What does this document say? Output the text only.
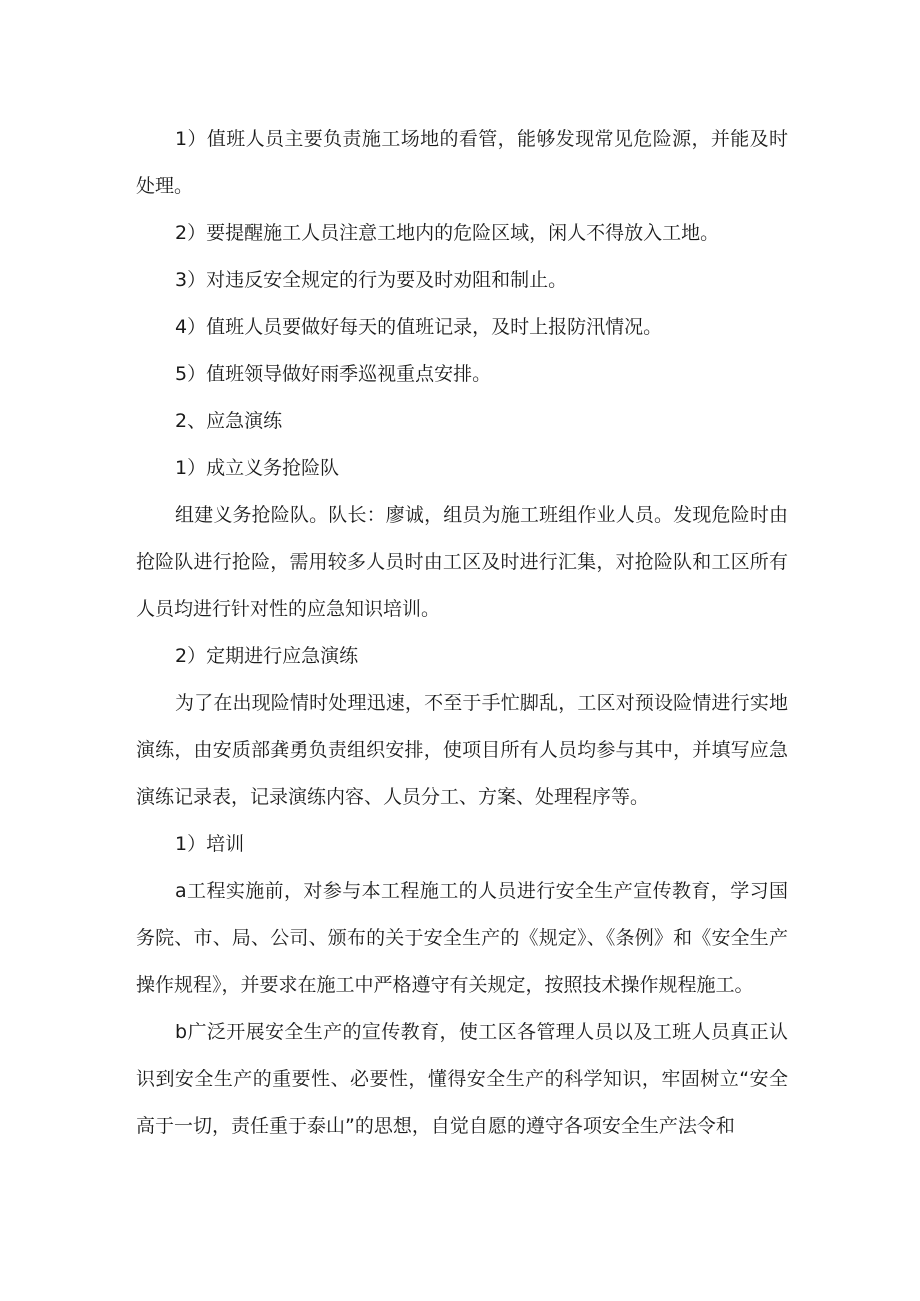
1）值班人员主要负责施工场地的看管，能够发现常见危险源，并能及时处理。

2）要提醒施工人员注意工地内的危险区域，闲人不得放入工地。

3）对违反安全规定的行为要及时劝阻和制止。

4）值班人员要做好每天的值班记录，及时上报防汛情况。

5）值班领导做好雨季巡视重点安排。

2、应急演练

1）成立义务抢险队

组建义务抢险队。队长：廖诚，组员为施工班组作业人员。发现危险时由抢险队进行抢险，需用较多人员时由工区及时进行汇集，对抢险队和工区所有人员均进行针对性的应急知识培训。

2）定期进行应急演练

为了在出现险情时处理迅速，不至于手忙脚乱，工区对预设险情进行实地演练，由安质部龚勇负责组织安排，使项目所有人员均参与其中，并填写应急演练记录表，记录演练内容、人员分工、方案、处理程序等。

1）培训

a工程实施前，对参与本工程施工的人员进行安全生产宣传教育，学习国务院、市、局、公司、颁布的关于安全生产的《规定》、《条例》和《安全生产操作规程》，并要求在施工中严格遵守有关规定，按照技术操作规程施工。

b广泛开展安全生产的宣传教育，使工区各管理人员以及工班人员真正认识到安全生产的重要性、必要性，懂得安全生产的科学知识，牢固树立“安全高于一切，责任重于泰山”的思想，自觉自愿的遵守各项安全生产法令和
